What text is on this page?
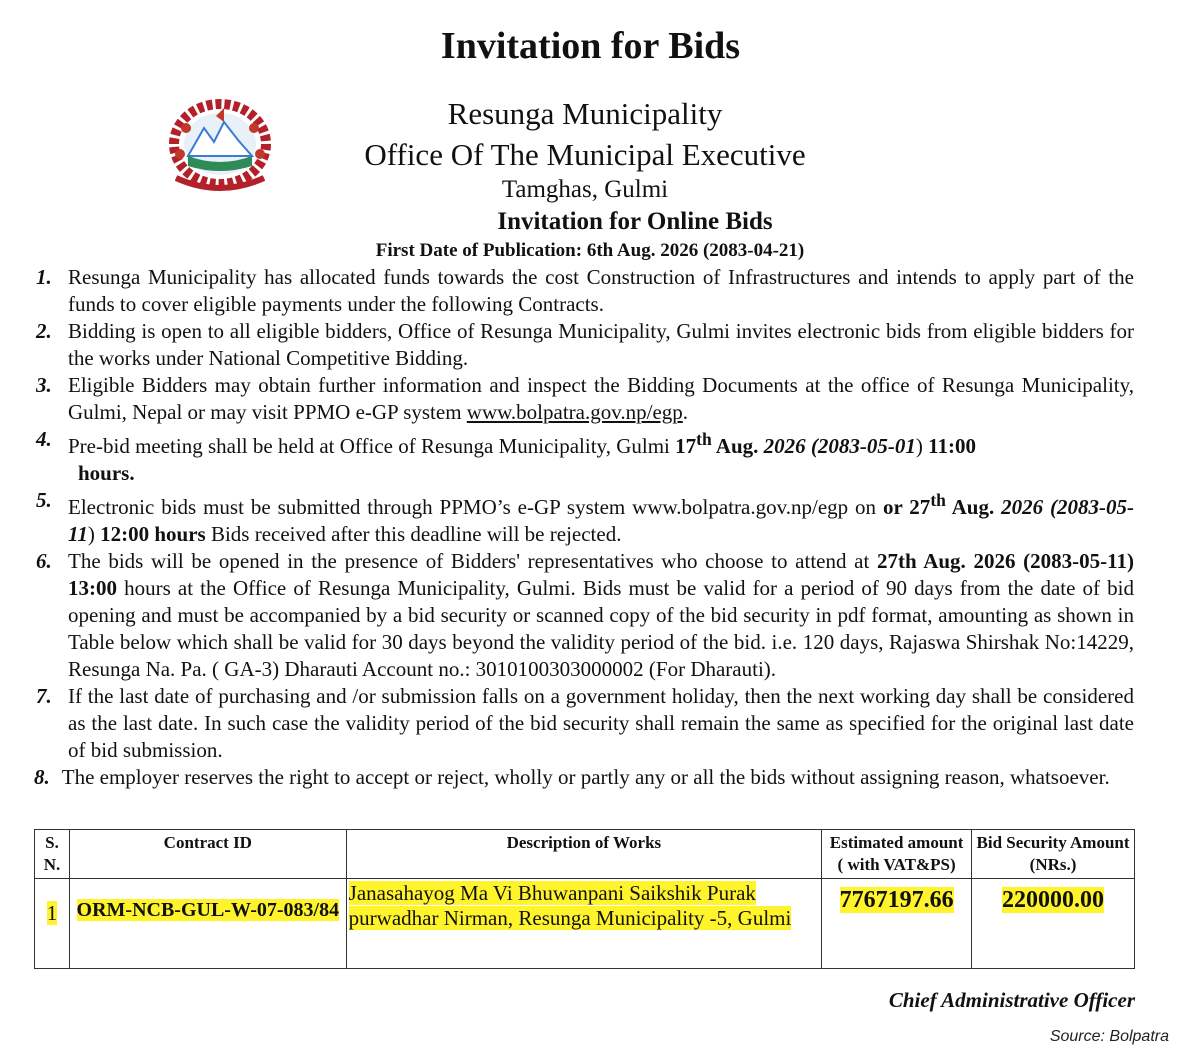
Invitation for Bids

Resunga Municipality

Office Of The Municipal Executive

Tamghas, Gulmi

Invitation for Online Bids

First Date of Publication: 6th Aug. 2026 (2083-04-21)

1. Resunga Municipality has allocated funds towards the cost Construction of Infrastructures and intends to apply part of the funds to cover eligible payments under the following Contracts.
2. Bidding is open to all eligible bidders, Office of Resunga Municipality, Gulmi invites electronic bids from eligible bidders for the works under National Competitive Bidding.
3. Eligible Bidders may obtain further information and inspect the Bidding Documents at the office of Resunga Municipality, Gulmi, Nepal or may visit PPMO e-GP system www.bolpatra.gov.np/egp.
4. Pre-bid meeting shall be held at Office of Resunga Municipality, Gulmi 17th Aug. 2026 (2083-05-01) 11:00
hours.
5. Electronic bids must be submitted through PPMO’s e-GP system www.bolpatra.gov.np/egp on or 27th Aug. 2026 (2083-05-11) 12:00 hours Bids received after this deadline will be rejected.
6. The bids will be opened in the presence of Bidders' representatives who choose to attend at 27th Aug. 2026 (2083-05-11) 13:00 hours at the Office of Resunga Municipality, Gulmi. Bids must be valid for a period of 90 days from the date of bid opening and must be accompanied by a bid security or scanned copy of the bid security in pdf format, amounting as shown in Table below which shall be valid for 30 days beyond the validity period of the bid. i.e. 120 days, Rajaswa Shirshak No:14229, Resunga Na. Pa. ( GA-3) Dharauti Account no.: 3010100303000002 (For Dharauti).
7. If the last date of purchasing and /or submission falls on a government holiday, then the next working day shall be considered as the last date. In such case the validity period of the bid security shall remain the same as specified for the original last date of bid submission.
8. The employer reserves the right to accept or reject, wholly or partly any or all the bids without assigning reason, whatsoever.
S. N.	Contract ID	Description of Works	Estimated amount ( with VAT&PS)	Bid Security Amount (NRs.)
1	ORM-NCB-GUL-W-07-083/84	Janasahayog Ma Vi Bhuwanpani Saikshik Purak purwadhar Nirman, Resunga Municipality -5, Gulmi	7767197.66	220000.00
Chief Administrative Officer
Source: Bolpatra
